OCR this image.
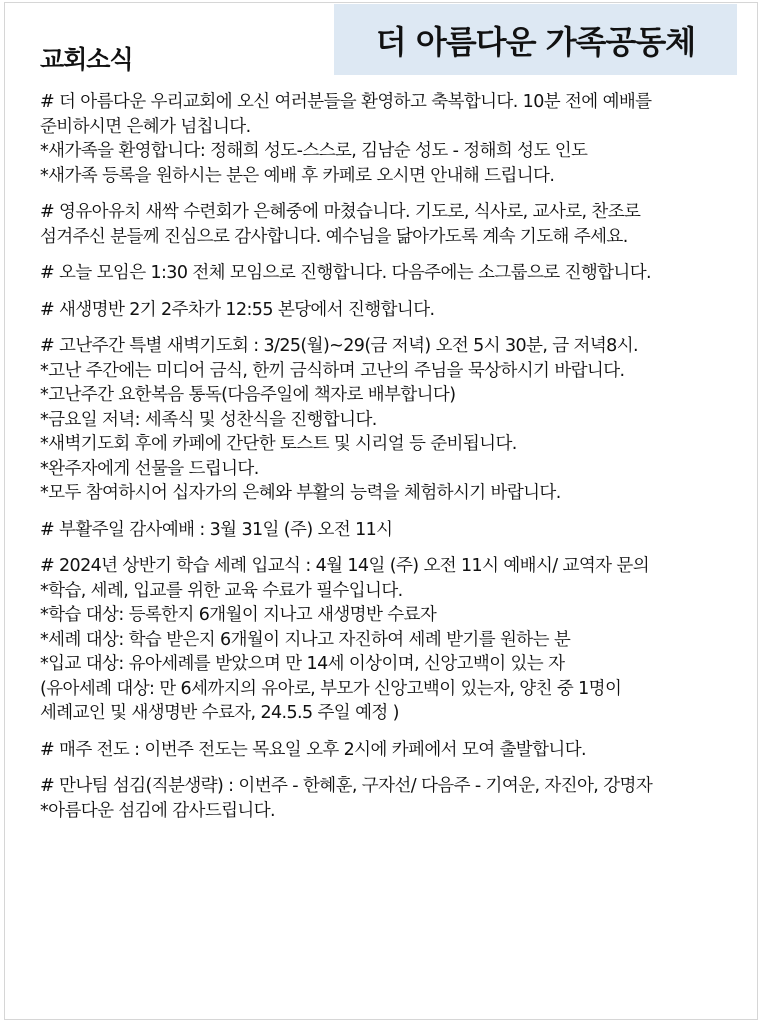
교회소식	더 아름다운 가족공동체
# 더 아름다운 우리교회에 오신 여러분들을 환영하고 축복합니다. 10분 전에 예배를
준비하시면 은혜가 넘칩니다.
*새가족을 환영합니다: 정해희 성도-스스로, 김남순 성도 - 정해희 성도 인도
*새가족 등록을 원하시는 분은 예배 후 카페로 오시면 안내해 드립니다.
# 영유아유치 새싹 수련회가 은혜중에 마쳤습니다. 기도로, 식사로, 교사로, 찬조로
섬겨주신 분들께 진심으로 감사합니다. 예수님을 닮아가도록 계속 기도해 주세요.
# 오늘 모임은 1:30 전체 모임으로 진행합니다. 다음주에는 소그룹으로 진행합니다.
# 새생명반 2기 2주차가 12:55 본당에서 진행합니다.
# 고난주간 특별 새벽기도회 : 3/25(월)~29(금 저녁) 오전 5시 30분, 금 저녁8시.
*고난 주간에는 미디어 금식, 한끼 금식하며 고난의 주님을 묵상하시기 바랍니다.
*고난주간 요한복음 통독(다음주일에 책자로 배부합니다)
*금요일 저녁: 세족식 및 성찬식을 진행합니다.
*새벽기도회 후에 카페에 간단한 토스트 및 시리얼 등 준비됩니다.
*완주자에게 선물을 드립니다.
*모두 참여하시어 십자가의 은혜와 부활의 능력을 체험하시기 바랍니다.
# 부활주일 감사예배 : 3월 31일 (주) 오전 11시
# 2024년 상반기 학습 세례 입교식 : 4월 14일 (주) 오전 11시 예배시/ 교역자 문의
*학습, 세례, 입교를 위한 교육 수료가 필수입니다.
*학습 대상: 등록한지 6개월이 지나고 새생명반 수료자
*세례 대상: 학습 받은지 6개월이 지나고 자진하여 세례 받기를 원하는 분
*입교 대상: 유아세례를 받았으며 만 14세 이상이며, 신앙고백이 있는 자
(유아세례 대상: 만 6세까지의 유아로, 부모가 신앙고백이 있는자, 양친 중 1명이
세례교인 및 새생명반 수료자, 24.5.5 주일 예정 )
# 매주 전도 : 이번주 전도는 목요일 오후 2시에 카페에서 모여 출발합니다.
# 만나팀 섬김(직분생략) : 이번주 - 한혜훈, 구자선/ 다음주 - 기여운, 자진아, 강명자
*아름다운 섬김에 감사드립니다.
